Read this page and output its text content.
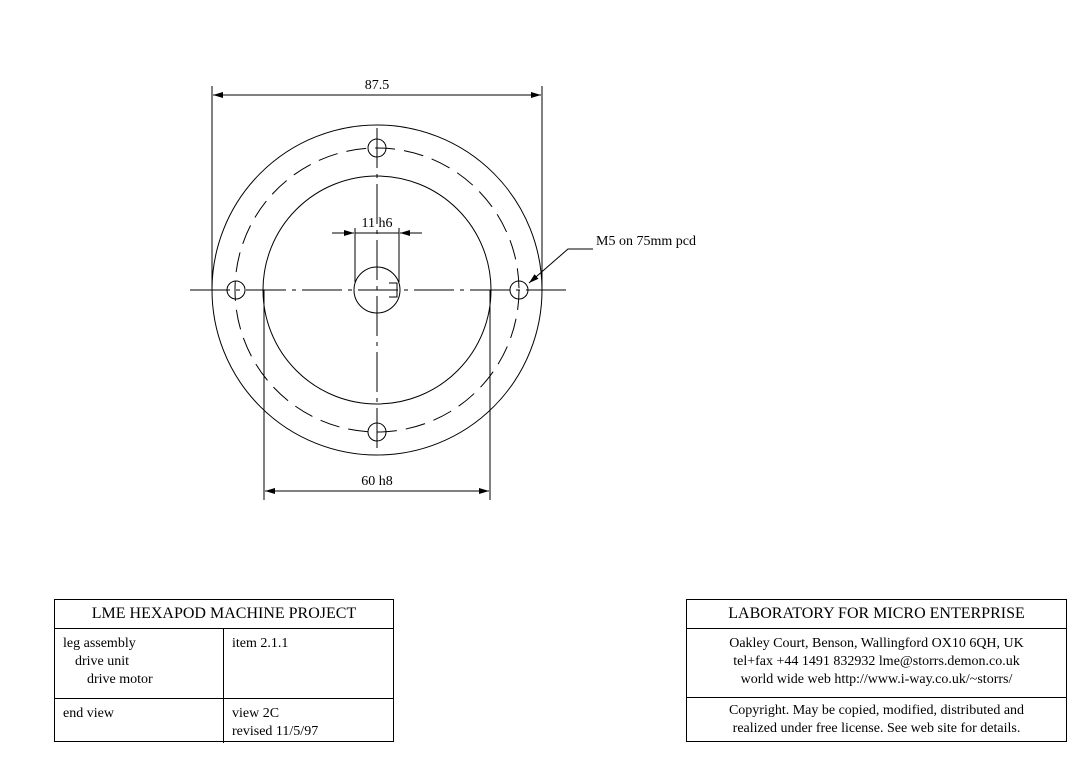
87.5
60 h8
11 h6
M5 on 75mm pcd
LME HEXAPOD MACHINE PROJECT
leg assembly
drive unit
drive motor
item 2.1.1
end view	view 2C
revised 11/5/97
LABORATORY FOR MICRO ENTERPRISE
Oakley Court, Benson, Wallingford OX10 6QH, UK
tel+fax +44 1491 832932 lme@storrs.demon.co.uk
world wide web http://www.i-way.co.uk/~storrs/
Copyright. May be copied, modified, distributed and
realized under free license. See web site for details.
